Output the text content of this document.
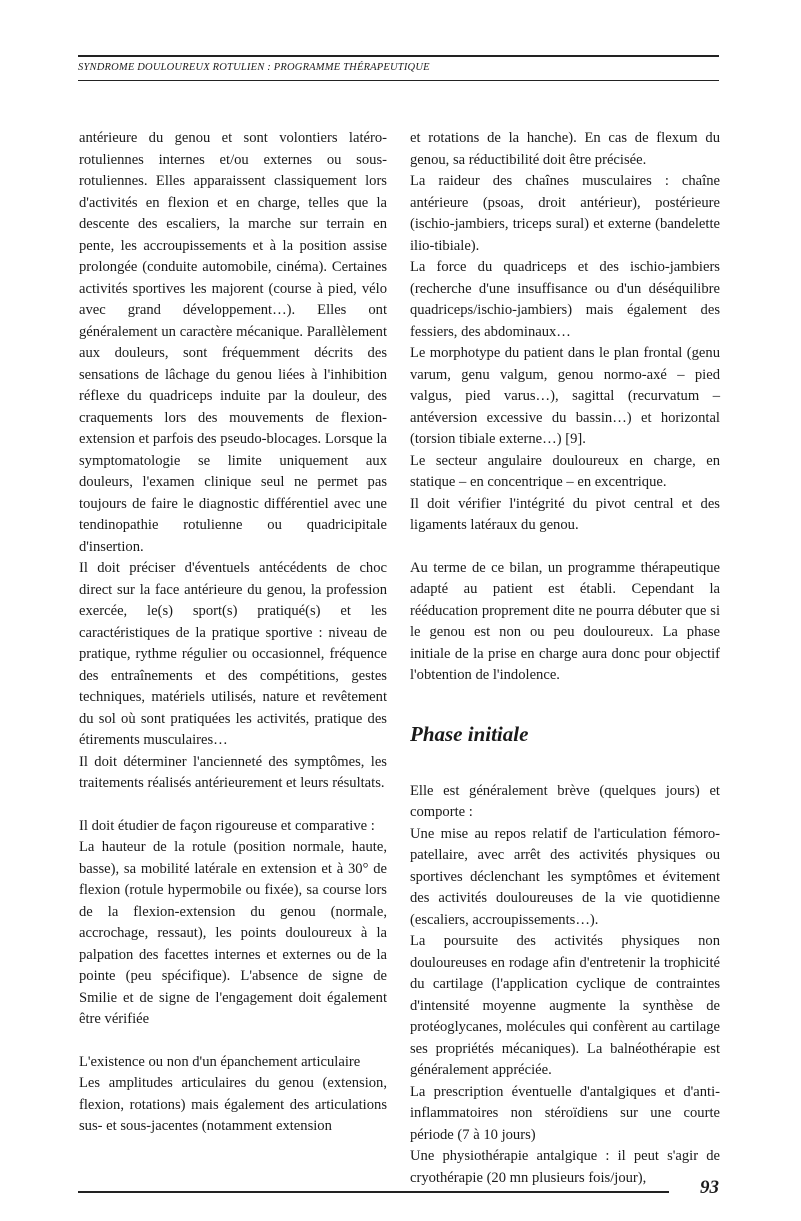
SYNDROME DOULOUREUX ROTULIEN : PROGRAMME THÉRAPEUTIQUE

antérieure du genou et sont volontiers latéro-rotuliennes internes et/ou externes ou sous-rotuliennes. Elles apparaissent classiquement lors d'activités en flexion et en charge, telles que la descente des escaliers, la marche sur terrain en pente, les accroupissements et à la position assise prolongée (conduite automobile, cinéma). Certaines activités sportives les majorent (course à pied, vélo avec grand développement…). Elles ont généralement un caractère mécanique. Parallèlement aux douleurs, sont fréquemment décrits des sensations de lâchage du genou liées à l'inhibition réflexe du quadriceps induite par la douleur, des craquements lors des mouvements de flexion-extension et parfois des pseudo-blocages. Lorsque la symptomatologie se limite uniquement aux douleurs, l'examen clinique seul ne permet pas toujours de faire le diagnostic différentiel avec une tendinopathie rotulienne ou quadricipitale d'insertion.

Il doit préciser d'éventuels antécédents de choc direct sur la face antérieure du genou, la profession exercée, le(s) sport(s) pratiqué(s) et les caractéristiques de la pratique sportive : niveau de pratique, rythme régulier ou occasionnel, fréquence des entraînements et des compétitions, gestes techniques, matériels utilisés, nature et revêtement du sol où sont pratiquées les activités, pratique des étirements musculaires…

Il doit déterminer l'ancienneté des symptômes, les traitements réalisés antérieurement et leurs résultats.

Il doit étudier de façon rigoureuse et comparative :

La hauteur de la rotule (position normale, haute, basse), sa mobilité latérale en extension et à 30° de flexion (rotule hypermobile ou fixée), sa course lors de la flexion-extension du genou (normale, accrochage, ressaut), les points douloureux à la palpation des facettes internes et externes ou de la pointe (peu spécifique). L'absence de signe de Smilie et de signe de l'engagement doit également être vérifiée

L'existence ou non d'un épanchement articulaire

Les amplitudes articulaires du genou (extension, flexion, rotations) mais également des articulations sus- et sous-jacentes (notamment extension

et rotations de la hanche). En cas de flexum du genou, sa réductibilité doit être précisée.

La raideur des chaînes musculaires : chaîne antérieure (psoas, droit antérieur), postérieure (ischio-jambiers, triceps sural) et externe (bandelette ilio-tibiale).

La force du quadriceps et des ischio-jambiers (recherche d'une insuffisance ou d'un déséquilibre quadriceps/ischio-jambiers) mais également des fessiers, des abdominaux…

Le morphotype du patient dans le plan frontal (genu varum, genu valgum, genou normo-axé – pied valgus, pied varus…), sagittal (recurvatum – antéversion excessive du bassin…) et horizontal (torsion tibiale externe…) [9].

Le secteur angulaire douloureux en charge, en statique – en concentrique – en excentrique.

Il doit vérifier l'intégrité du pivot central et des ligaments latéraux du genou.

Au terme de ce bilan, un programme thérapeutique adapté au patient est établi. Cependant la rééducation proprement dite ne pourra débuter que si le genou est non ou peu douloureux. La phase initiale de la prise en charge aura donc pour objectif l'obtention de l'indolence.

Phase initiale

Elle est généralement brève (quelques jours) et comporte :

Une mise au repos relatif de l'articulation fémoro-patellaire, avec arrêt des activités physiques ou sportives déclenchant les symptômes et évitement des activités douloureuses de la vie quotidienne (escaliers, accroupissements…).

La poursuite des activités physiques non douloureuses en rodage afin d'entretenir la trophicité du cartilage (l'application cyclique de contraintes d'intensité moyenne augmente la synthèse de protéoglycanes, molécules qui confèrent au cartilage ses propriétés mécaniques). La balnéothérapie est généralement appréciée.

La prescription éventuelle d'antalgiques et d'anti-inflammatoires non stéroïdiens sur une courte période (7 à 10 jours)

Une physiothérapie antalgique : il peut s'agir de cryothérapie (20 mn plusieurs fois/jour),	93
